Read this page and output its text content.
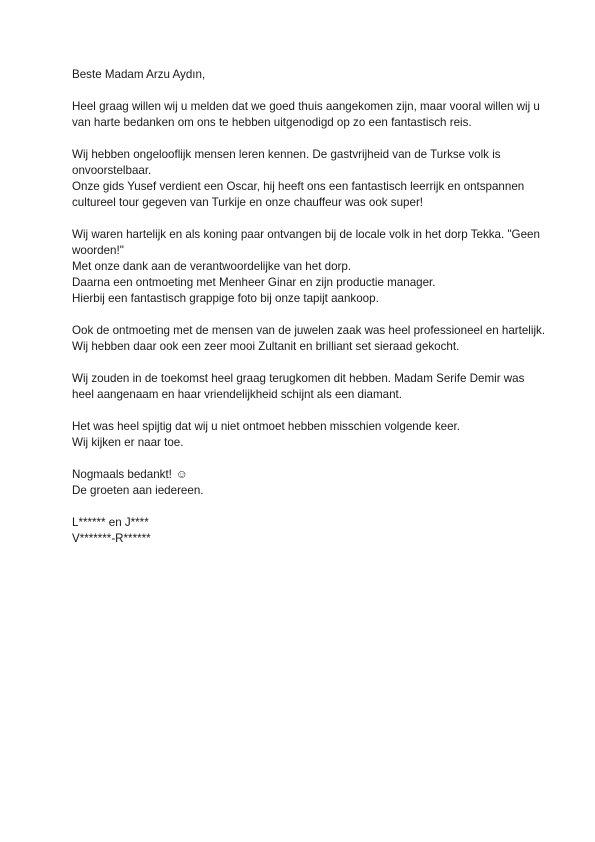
Beste Madam Arzu Aydın,
Heel graag willen wij u melden dat we goed thuis aangekomen zijn, maar vooral willen wij u
van harte bedanken om ons te hebben uitgenodigd op zo een fantastisch reis.
Wij hebben ongelooflijk mensen leren kennen. De gastvrijheid van de Turkse volk is
onvoorstelbaar.
Onze gids Yusef verdient een Oscar, hij heeft ons een fantastisch leerrijk en ontspannen
cultureel tour gegeven van Turkije en onze chauffeur was ook super!
Wij waren hartelijk en als koning paar ontvangen bij de locale volk in het dorp Tekka. "Geen
woorden!"
Met onze dank aan de verantwoordelijke van het dorp.
Daarna een ontmoeting met Menheer Ginar en zijn productie manager.
Hierbij een fantastisch grappige foto bij onze tapijt aankoop.
Ook de ontmoeting met de mensen van de juwelen zaak was heel professioneel en hartelijk.
Wij hebben daar ook een zeer mooi Zultanit en brilliant set sieraad gekocht.
Wij zouden in de toekomst heel graag terugkomen dit hebben. Madam Serife Demir was
heel aangenaam en haar vriendelijkheid schijnt als een diamant.
Het was heel spijtig dat wij u niet ontmoet hebben misschien volgende keer.
Wij kijken er naar toe.
Nogmaals bedankt! ☺
De groeten aan iedereen.
L****** en J****
V*******-R******
